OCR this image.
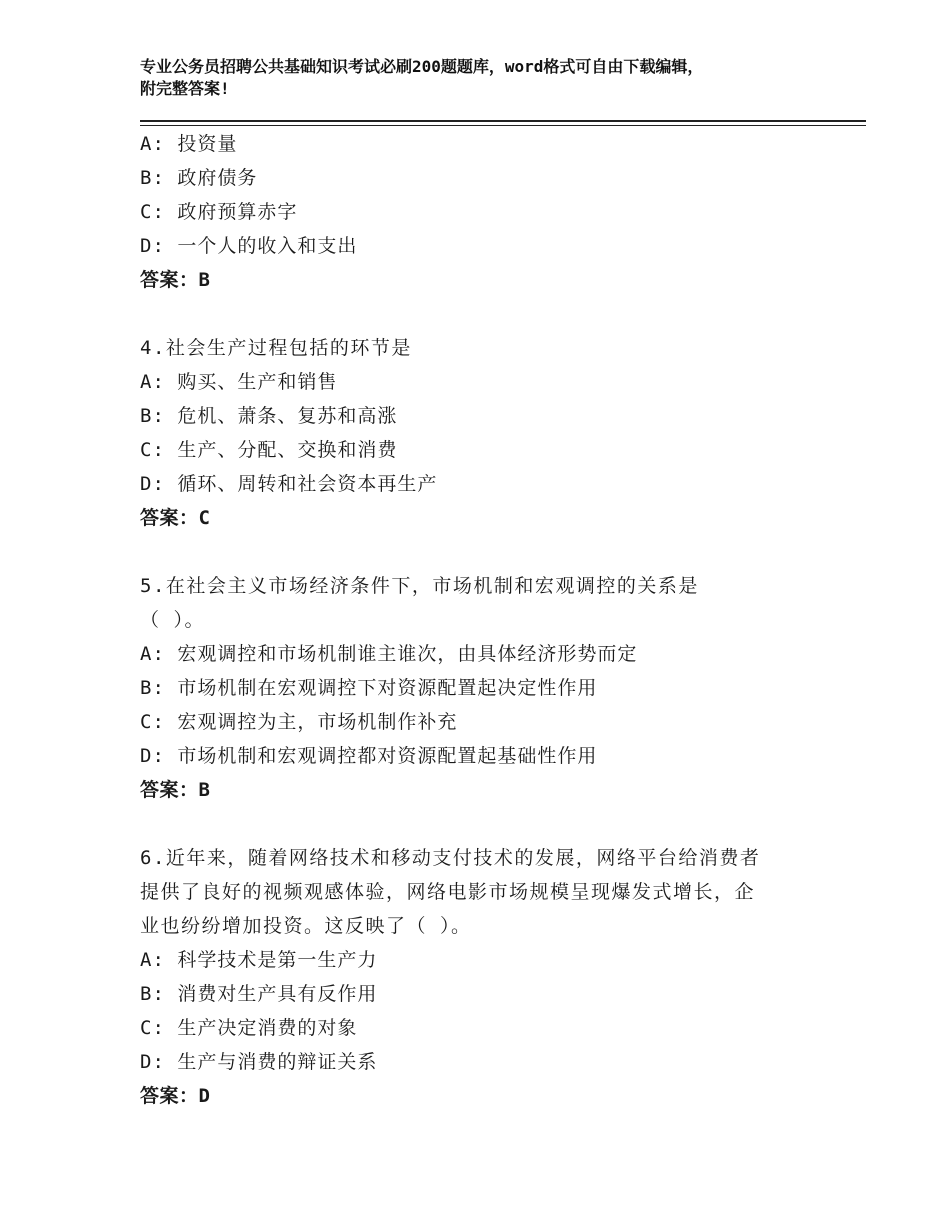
专业公务员招聘公共基础知识考试必刷200题题库，word格式可自由下载编辑，
附完整答案!
A: 投资量
B: 政府债务
C: 政府预算赤字
D: 一个人的收入和支出
答案：B
4.社会生产过程包括的环节是
A: 购买、生产和销售
B: 危机、萧条、复苏和高涨
C: 生产、分配、交换和消费
D: 循环、周转和社会资本再生产
答案：C
5.在社会主义市场经济条件下，市场机制和宏观调控的关系是
（ ）。
A: 宏观调控和市场机制谁主谁次，由具体经济形势而定
B: 市场机制在宏观调控下对资源配置起决定性作用
C: 宏观调控为主，市场机制作补充
D: 市场机制和宏观调控都对资源配置起基础性作用
答案：B
6.近年来，随着网络技术和移动支付技术的发展，网络平台给消费者
提供了良好的视频观感体验，网络电影市场规模呈现爆发式增长，企
业也纷纷增加投资。这反映了（ ）。
A: 科学技术是第一生产力
B: 消费对生产具有反作用
C: 生产决定消费的对象
D: 生产与消费的辩证关系
答案：D
